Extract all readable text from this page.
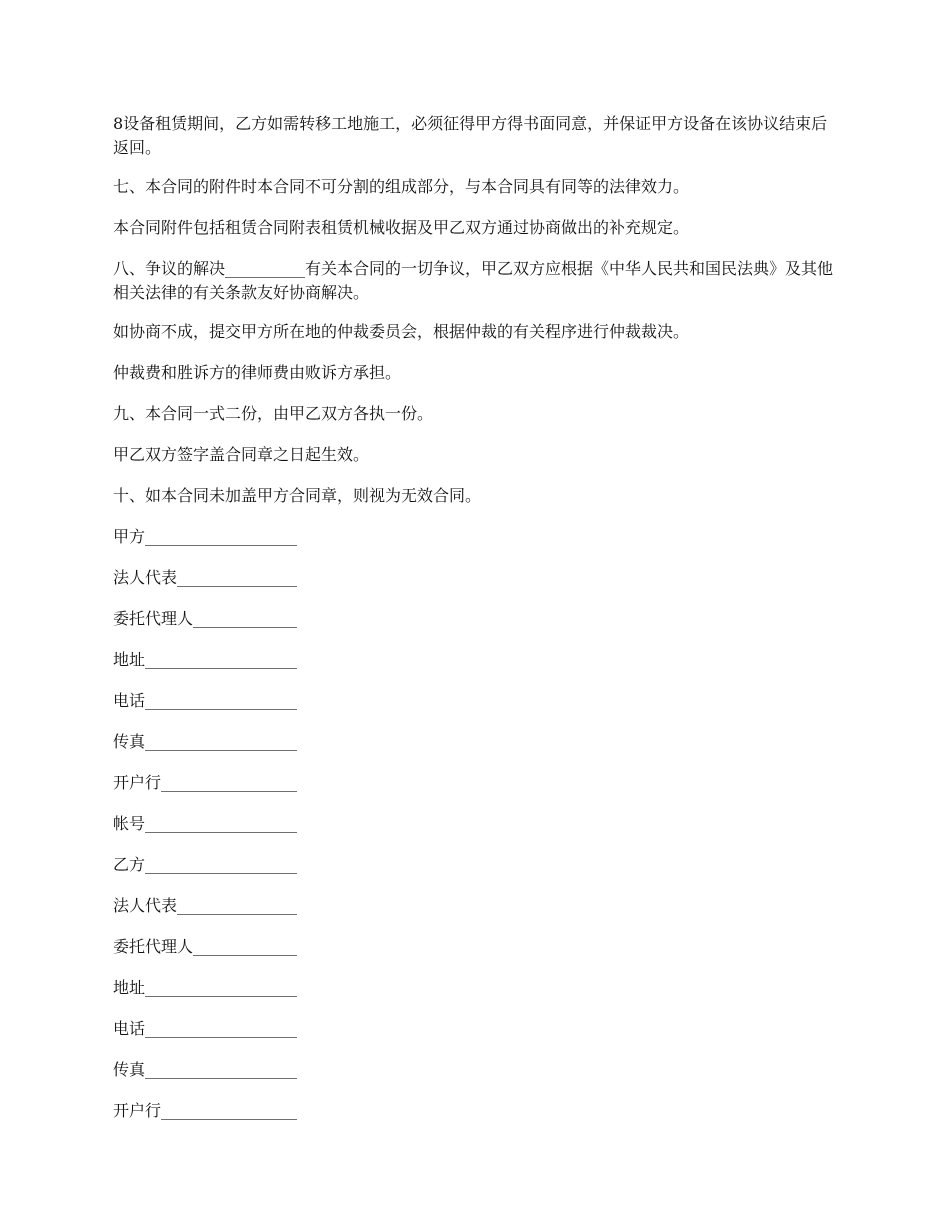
8设备租赁期间，乙方如需转移工地施工，必须征得甲方得书面同意，并保证甲方设备在该协议结束后返回。

七、本合同的附件时本合同不可分割的组成部分，与本合同具有同等的法律效力。

本合同附件包括租赁合同附表租赁机械收据及甲乙双方通过协商做出的补充规定。

八、争议的解决__________有关本合同的一切争议，甲乙双方应根据《中华人民共和国民法典》及其他相关法律的有关条款友好协商解决。

如协商不成，提交甲方所在地的仲裁委员会，根据仲裁的有关程序进行仲裁裁决。

仲裁费和胜诉方的律师费由败诉方承担。

九、本合同一式二份，由甲乙双方各执一份。

甲乙双方签字盖合同章之日起生效。

十、如本合同未加盖甲方合同章，则视为无效合同。

甲方___________________
法人代表_______________
委托代理人_____________
地址___________________
电话___________________
传真___________________
开户行_________________
帐号___________________
乙方___________________
法人代表_______________
委托代理人_____________
地址___________________
电话___________________
传真___________________
开户行_________________
